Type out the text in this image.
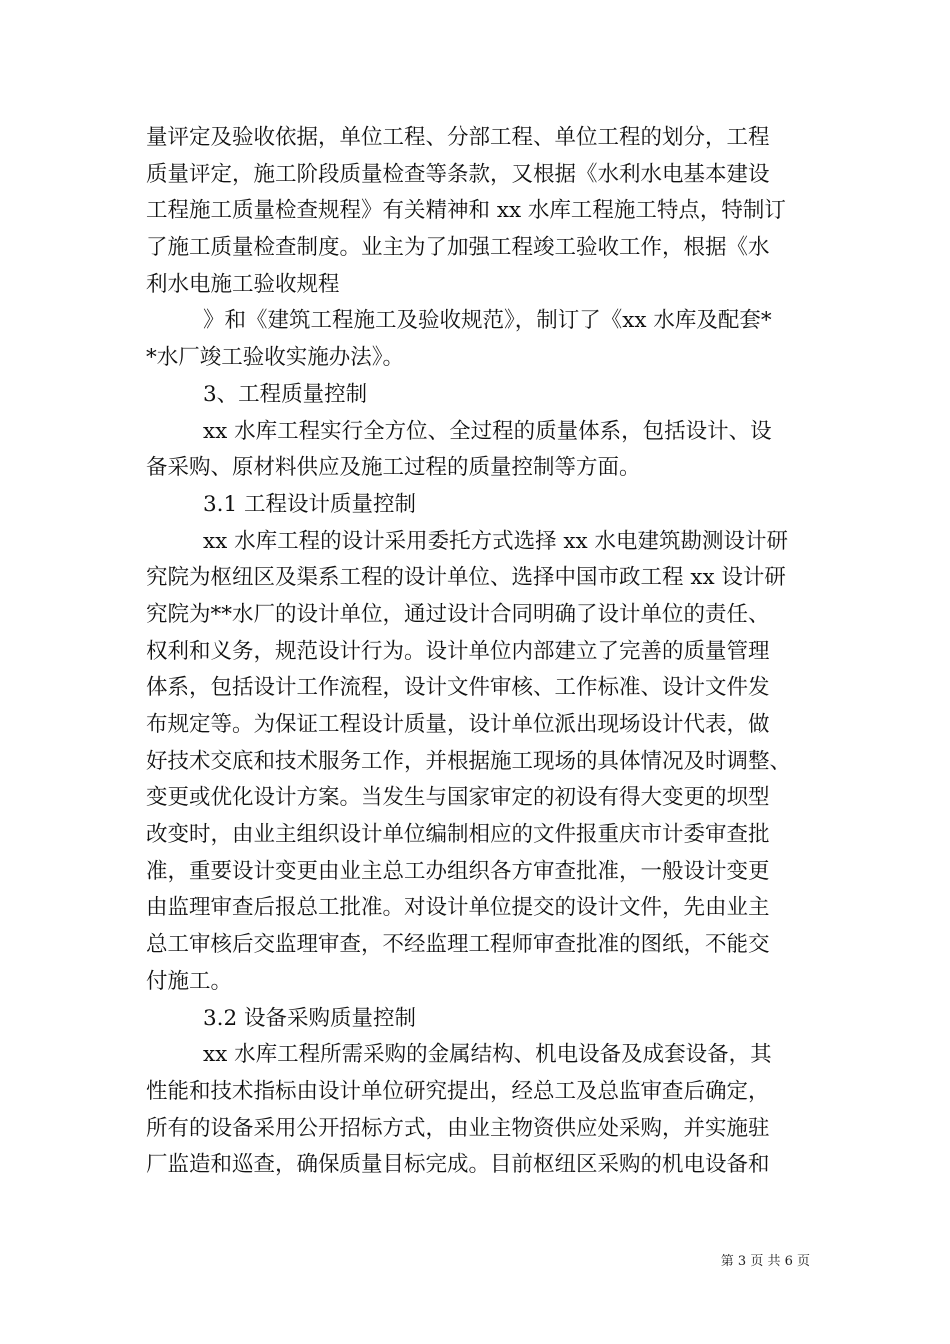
量评定及验收依据，单位工程、分部工程、单位工程的划分，工程
质量评定，施工阶段质量检查等条款，又根据《水利水电基本建设
工程施工质量检查规程》有关精神和 xx 水库工程施工特点，特制订
了施工质量检查制度。业主为了加强工程竣工验收工作，根据《水
利水电施工验收规程
》和《建筑工程施工及验收规范》，制订了《xx 水库及配套*
*水厂竣工验收实施办法》。
3、工程质量控制
xx 水库工程实行全方位、全过程的质量体系，包括设计、设
备采购、原材料供应及施工过程的质量控制等方面。
3.1 工程设计质量控制
xx 水库工程的设计采用委托方式选择 xx 水电建筑勘测设计研
究院为枢纽区及渠系工程的设计单位、选择中国市政工程 xx 设计研
究院为**水厂的设计单位，通过设计合同明确了设计单位的责任、
权利和义务，规范设计行为。设计单位内部建立了完善的质量管理
体系，包括设计工作流程，设计文件审核、工作标准、设计文件发
布规定等。为保证工程设计质量，设计单位派出现场设计代表，做
好技术交底和技术服务工作，并根据施工现场的具体情况及时调整、
变更或优化设计方案。当发生与国家审定的初设有得大变更的坝型
改变时，由业主组织设计单位编制相应的文件报重庆市计委审查批
准，重要设计变更由业主总工办组织各方审查批准，一般设计变更
由监理审查后报总工批准。对设计单位提交的设计文件，先由业主
总工审核后交监理审查，不经监理工程师审查批准的图纸，不能交
付施工。
3.2 设备采购质量控制
xx 水库工程所需采购的金属结构、机电设备及成套设备，其
性能和技术指标由设计单位研究提出，经总工及总监审查后确定，
所有的设备采用公开招标方式，由业主物资供应处采购，并实施驻
厂监造和巡查，确保质量目标完成。目前枢纽区采购的机电设备和
第 3 页 共 6 页
